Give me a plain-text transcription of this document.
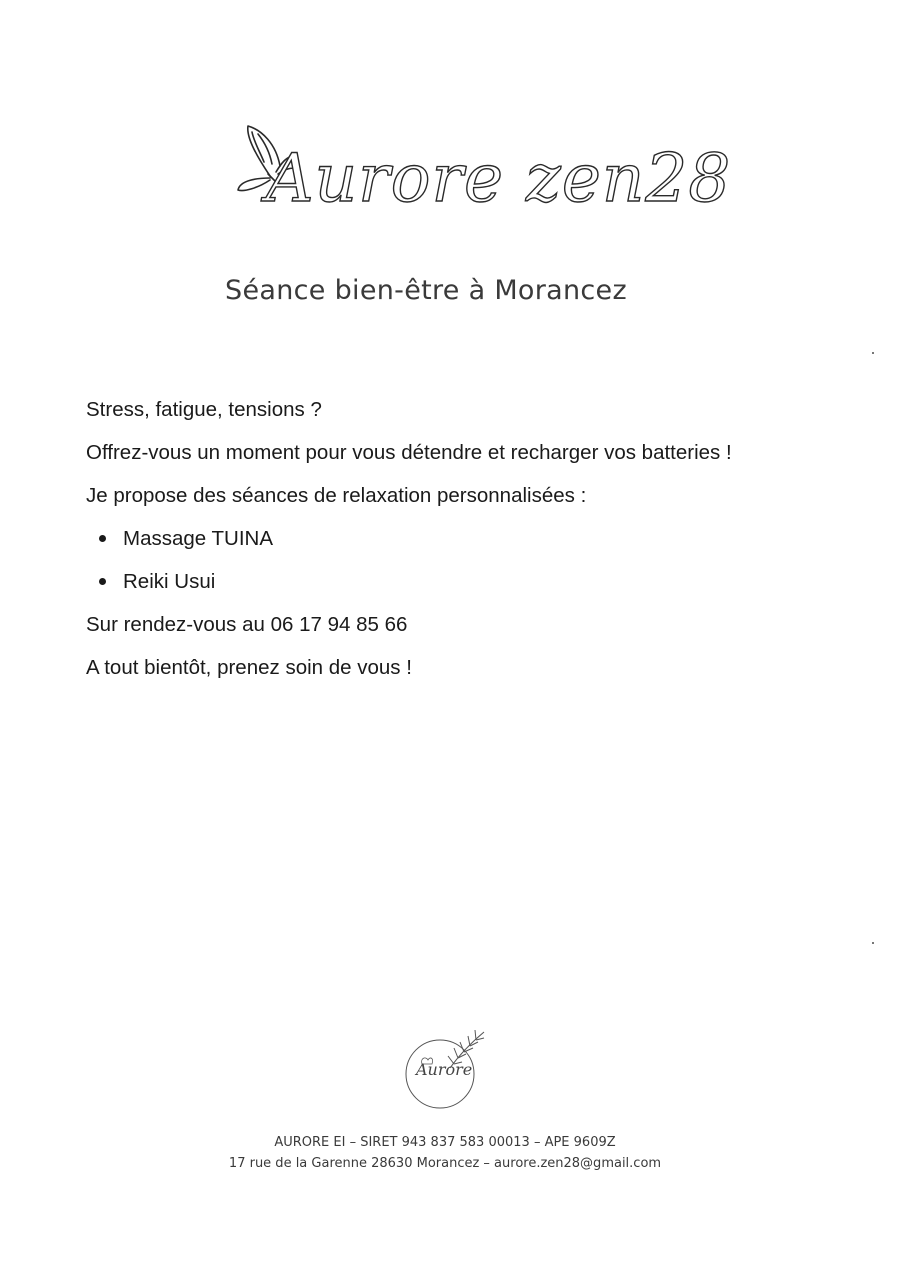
Aurore zen28
Séance bien-être à Morancez

Stress, fatigue, tensions ?

Offrez-vous un moment pour vous détendre et recharger vos batteries !

Je propose des séances de relaxation personnalisées :

Massage TUINA
Reiki Usui

Sur rendez-vous au 06 17 94 85 66

A tout bientôt, prenez soin de vous !

Aurore
AURORE EI – SIRET 943 837 583 00013 – APE 9609Z
17 rue de la Garenne 28630 Morancez – aurore.zen28@gmail.com
